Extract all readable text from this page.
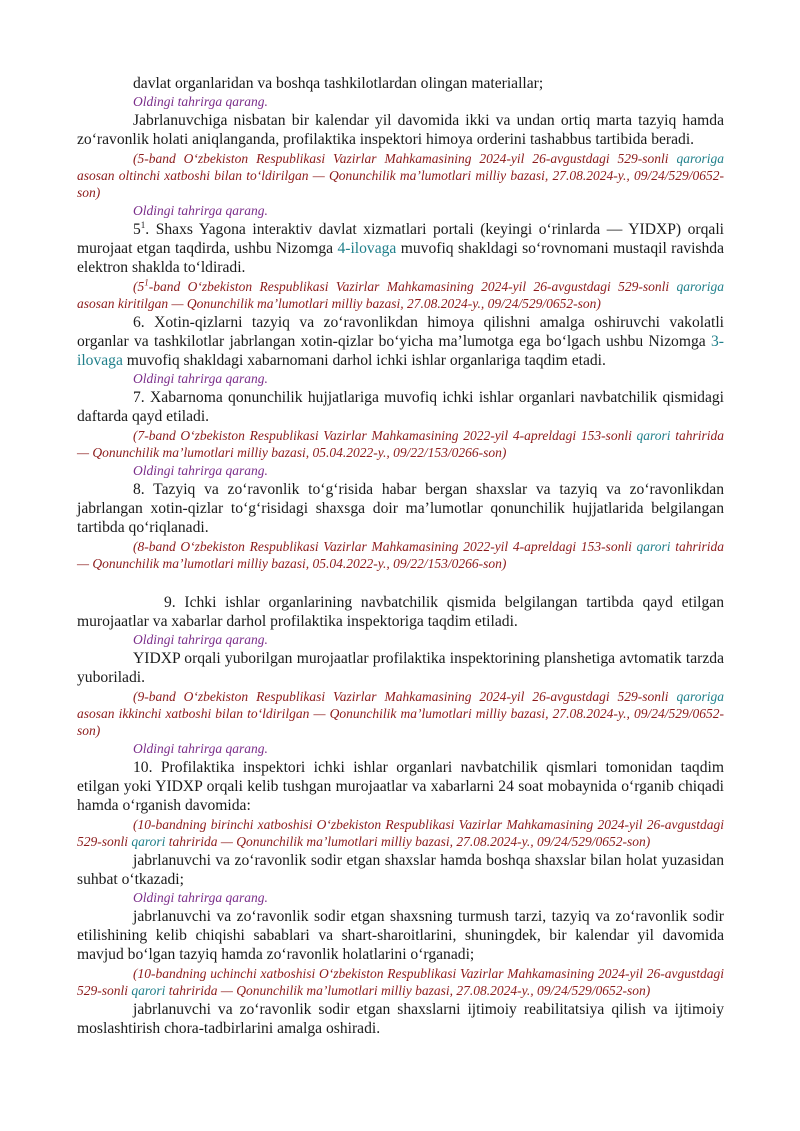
davlat organlaridan va boshqa tashkilotlardan olingan materiallar;

Oldingi tahrirga qarang.

Jabrlanuvchiga nisbatan bir kalendar yil davomida ikki va undan ortiq marta tazyiq hamda zoʻravonlik holati aniqlanganda, profilaktika inspektori himoya orderini tashabbus tartibida beradi.

(5-band Oʻzbekiston Respublikasi Vazirlar Mahkamasining 2024-yil 26-avgustdagi 529-sonli qaroriga asosan oltinchi xatboshi bilan toʻldirilgan — Qonunchilik maʼlumotlari milliy bazasi, 27.08.2024-y., 09/24/529/0652-son)

Oldingi tahrirga qarang.

$5^1$. Shaxs Yagona interaktiv davlat xizmatlari portali (keyingi oʻrinlarda — YIDXP) orqali murojaat etgan taqdirda, ushbu Nizomga 4-ilovaga muvofiq shakldagi soʻrovnomani mustaqil ravishda elektron shaklda toʻldiradi.

($5^1$-band Oʻzbekiston Respublikasi Vazirlar Mahkamasining 2024-yil 26-avgustdagi 529-sonli qaroriga asosan kiritilgan — Qonunchilik maʼlumotlari milliy bazasi, 27.08.2024-y., 09/24/529/0652-son)

6. Xotin-qizlarni tazyiq va zoʻravonlikdan himoya qilishni amalga oshiruvchi vakolatli organlar va tashkilotlar jabrlangan xotin-qizlar boʻyicha maʼlumotga ega boʻlgach ushbu Nizomga 3-ilovaga muvofiq shakldagi xabarnomani darhol ichki ishlar organlariga taqdim etadi.

Oldingi tahrirga qarang.

7. Xabarnoma qonunchilik hujjatlariga muvofiq ichki ishlar organlari navbatchilik qismidagi daftarda qayd etiladi.

(7-band Oʻzbekiston Respublikasi Vazirlar Mahkamasining 2022-yil 4-apreldagi 153-sonli qarori tahririda — Qonunchilik maʼlumotlari milliy bazasi, 05.04.2022-y., 09/22/153/0266-son)

Oldingi tahrirga qarang.

8. Tazyiq va zoʻravonlik toʻgʻrisida habar bergan shaxslar va tazyiq va zoʻravonlikdan jabrlangan xotin-qizlar toʻgʻrisidagi shaxsga doir maʼlumotlar qonunchilik hujjatlarida belgilangan tartibda qoʻriqlanadi.

(8-band Oʻzbekiston Respublikasi Vazirlar Mahkamasining 2022-yil 4-apreldagi 153-sonli qarori tahririda — Qonunchilik maʼlumotlari milliy bazasi, 05.04.2022-y., 09/22/153/0266-son)

9. Ichki ishlar organlarining navbatchilik qismida belgilangan tartibda qayd etilgan murojaatlar va xabarlar darhol profilaktika inspektoriga taqdim etiladi.

Oldingi tahrirga qarang.

YIDXP orqali yuborilgan murojaatlar profilaktika inspektorining planshetiga avtomatik tarzda yuboriladi.

(9-band Oʻzbekiston Respublikasi Vazirlar Mahkamasining 2024-yil 26-avgustdagi 529-sonli qaroriga asosan ikkinchi xatboshi bilan toʻldirilgan — Qonunchilik maʼlumotlari milliy bazasi, 27.08.2024-y., 09/24/529/0652-son)

Oldingi tahrirga qarang.

10. Profilaktika inspektori ichki ishlar organlari navbatchilik qismlari tomonidan taqdim etilgan yoki YIDXP orqali kelib tushgan murojaatlar va xabarlarni 24 soat mobaynida oʻrganib chiqadi hamda oʻrganish davomida:

(10-bandning birinchi xatboshisi Oʻzbekiston Respublikasi Vazirlar Mahkamasining 2024-yil 26-avgustdagi 529-sonli qarori tahririda — Qonunchilik maʼlumotlari milliy bazasi, 27.08.2024-y., 09/24/529/0652-son)

jabrlanuvchi va zoʻravonlik sodir etgan shaxslar hamda boshqa shaxslar bilan holat yuzasidan suhbat oʻtkazadi;

Oldingi tahrirga qarang.

jabrlanuvchi va zoʻravonlik sodir etgan shaxsning turmush tarzi, tazyiq va zoʻravonlik sodir etilishining kelib chiqishi sabablari va shart-sharoitlarini, shuningdek, bir kalendar yil davomida mavjud boʻlgan tazyiq hamda zoʻravonlik holatlarini oʻrganadi;

(10-bandning uchinchi xatboshisi Oʻzbekiston Respublikasi Vazirlar Mahkamasining 2024-yil 26-avgustdagi 529-sonli qarori tahririda — Qonunchilik maʼlumotlari milliy bazasi, 27.08.2024-y., 09/24/529/0652-son)

jabrlanuvchi va zoʻravonlik sodir etgan shaxslarni ijtimoiy reabilitatsiya qilish va ijtimoiy moslashtirish chora-tadbirlarini amalga oshiradi.
